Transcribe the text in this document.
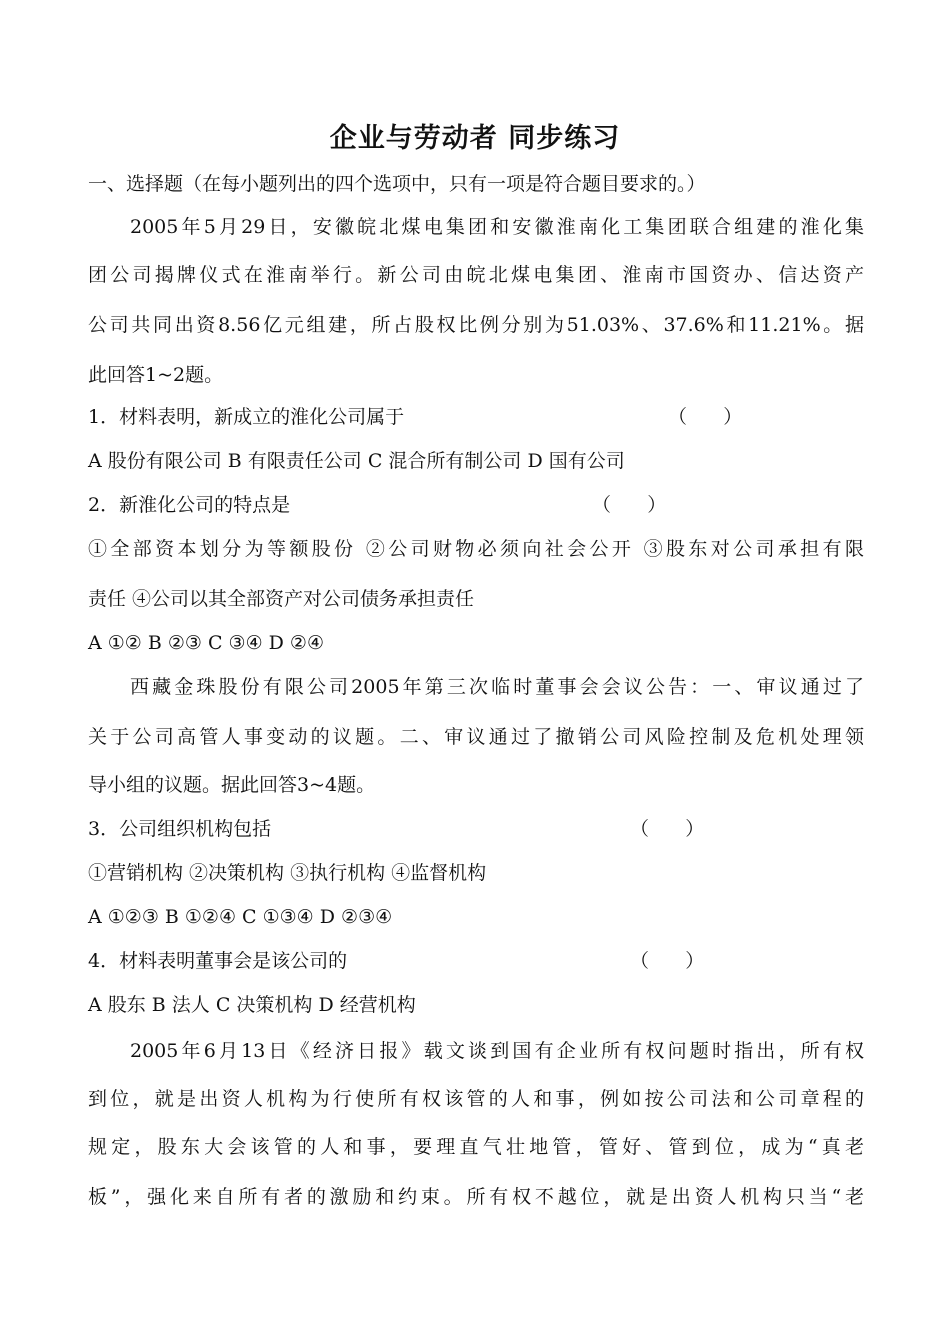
企业与劳动者 同步练习
一、选择题（在每小题列出的四个选项中，只有一项是符合题目要求的。）
2005年5月29日，安徽皖北煤电集团和安徽淮南化工集团联合组建的淮化集
团公司揭牌仪式在淮南举行。新公司由皖北煤电集团、淮南市国资办、信达资产
公司共同出资8.56亿元组建，所占股权比例分别为51.03%、37.6%和11.21%。据
此回答1~2题。
1．材料表明，新成立的淮化公司属于	（      ）
A 股份有限公司 B 有限责任公司 C 混合所有制公司 D 国有公司
2．新淮化公司的特点是	（      ）
①全部资本划分为等额股份 ②公司财物必须向社会公开 ③股东对公司承担有限
责任 ④公司以其全部资产对公司债务承担责任
A ①② B ②③ C ③④ D ②④
西藏金珠股份有限公司2005年第三次临时董事会会议公告：一、审议通过了
关于公司高管人事变动的议题。二、审议通过了撤销公司风险控制及危机处理领
导小组的议题。据此回答3~4题。
3．公司组织机构包括	（      ）
①营销机构 ②决策机构 ③执行机构 ④监督机构
A ①②③ B ①②④ C ①③④ D ②③④
4．材料表明董事会是该公司的	（      ）
A 股东 B 法人 C 决策机构 D 经营机构
2005年6月13日《经济日报》载文谈到国有企业所有权问题时指出，所有权
到位，就是出资人机构为行使所有权该管的人和事，例如按公司法和公司章程的
规定，股东大会该管的人和事，要理直气壮地管，管好、管到位，成为“真老
板”，强化来自所有者的激励和约束。所有权不越位，就是出资人机构只当“老
